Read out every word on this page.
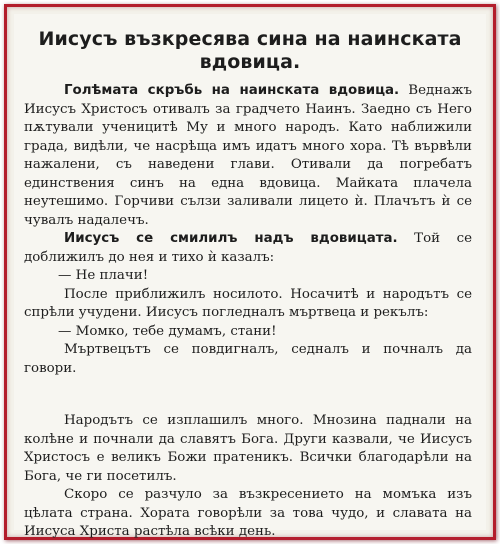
Иисусъ възкресява сина на наинската вдовица.

Голѣмата скръбь на наинската вдовица. Веднажъ Иисусъ Христосъ отивалъ за градчето Наинъ. Заедно съ Него пѫтували ученицитѣ Му и много народъ. Като наближили града, видѣли, че насрѣща имъ идатъ много хора. Тѣ вървѣли нажалени, съ наведени глави. Отивали да погребатъ единствения синъ на една вдовица. Майката плачела неутешимо. Горчиви сълзи заливали лицето ѝ. Плачътъ ѝ се чувалъ надалечъ.

Иисусъ се смилилъ надъ вдовицата. Той се доближилъ до нея и тихо ѝ казалъ:

— Не плачи!

После приближилъ носилото. Носачитѣ и народътъ се спрѣли учудени. Иисусъ погледналъ мъртвеца и рекълъ:

— Момко, тебе думамъ, стани!

Мъртвецътъ се повдигналъ, седналъ и почналъ да говори.

Народътъ се изплашилъ много. Мнозина паднали на колѣне и почнали да славятъ Бога. Други казвали, че Иисусъ Христосъ е великъ Божи пратеникъ. Всички благодарѣли на Бога, че ги посетилъ.

Скоро се разчуло за възкресението на момъка изъ цѣлата страна. Хората говорѣли за това чудо, и славата на Иисуса Христа растѣла всѣки день.
